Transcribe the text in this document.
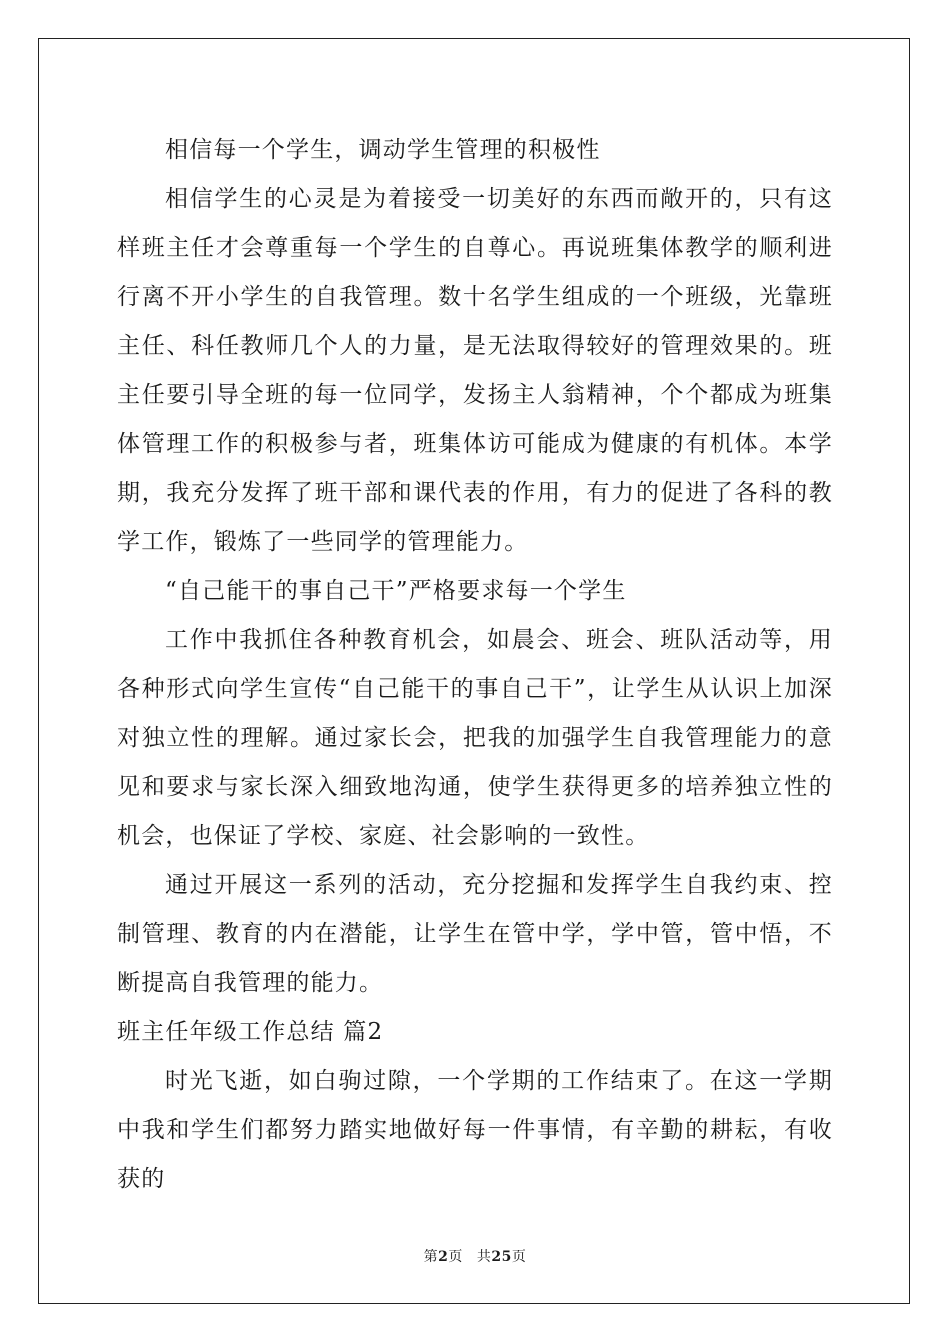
相信每一个学生，调动学生管理的积极性

相信学生的心灵是为着接受一切美好的东西而敞开的，只有这样班主任才会尊重每一个学生的自尊心。再说班集体教学的顺利进行离不开小学生的自我管理。数十名学生组成的一个班级，光靠班主任、科任教师几个人的力量，是无法取得较好的管理效果的。班主任要引导全班的每一位同学，发扬主人翁精神，个个都成为班集体管理工作的积极参与者，班集体访可能成为健康的有机体。本学期，我充分发挥了班干部和课代表的作用，有力的促进了各科的教学工作，锻炼了一些同学的管理能力。

“自己能干的事自己干”严格要求每一个学生

工作中我抓住各种教育机会，如晨会、班会、班队活动等，用各种形式向学生宣传“自己能干的事自己干”，让学生从认识上加深对独立性的理解。通过家长会，把我的加强学生自我管理能力的意见和要求与家长深入细致地沟通，使学生获得更多的培养独立性的机会，也保证了学校、家庭、社会影响的一致性。

通过开展这一系列的活动，充分挖掘和发挥学生自我约束、控制管理、教育的内在潜能，让学生在管中学，学中管，管中悟，不断提高自我管理的能力。

班主任年级工作总结 篇2

时光飞逝，如白驹过隙，一个学期的工作结束了。在这一学期中我和学生们都努力踏实地做好每一件事情，有辛勤的耕耘，有收获的

第2页 共25页
